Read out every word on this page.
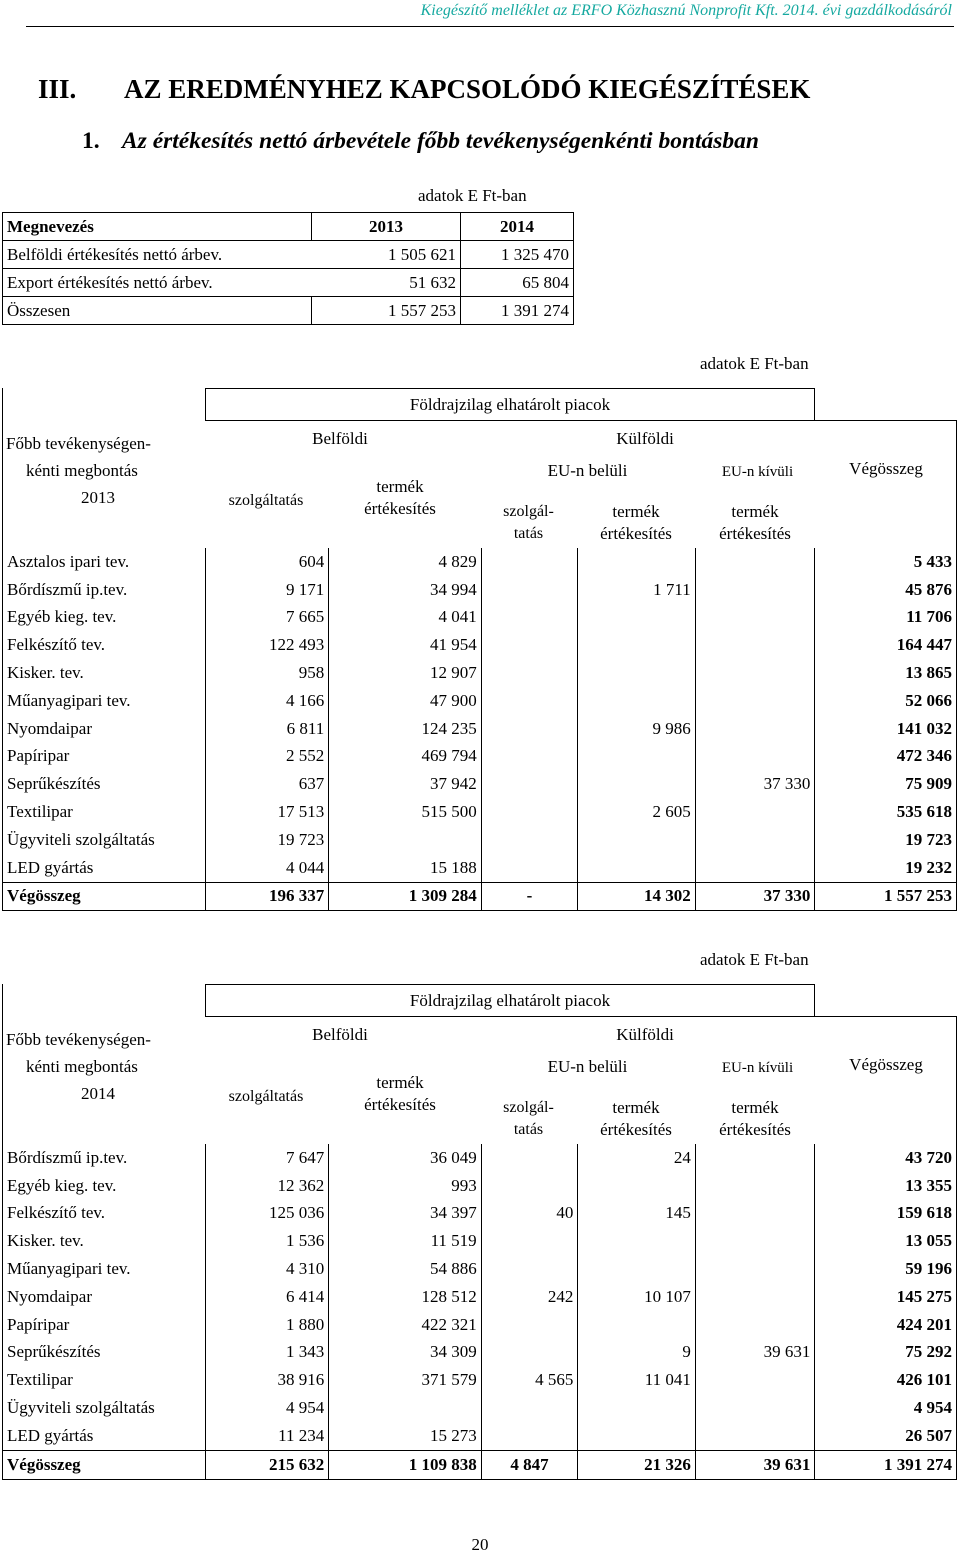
Kiegészítő melléklet az ERFO Közhasznú Nonprofit Kft. 2014. évi gazdálkodásáról
III. AZ EREDMÉNYHEZ KAPCSOLÓDÓ KIEGÉSZÍTÉSEK
1. Az értékesítés nettó árbevétele főbb tevékenységenkénti bontásban
adatok E Ft-ban
Megnevezés	2013	2014
Belföldi értékesítés nettó árbev.	1 505 621	1 325 470
Export értékesítés nettó árbev.	51 632	65 804
Összesen	1 557 253	1 391 274
adatok E Ft-ban
Földrajzilag elhatárolt piacok
Belföldi	Külföldi
EU-n belüli	EU-n kívüli	Végösszeg
szolgáltatás
termék
értékesítés	szolgál-
tatás
termék
értékesítés
termék
értékesítés
Főbb tevékenységen-
kénti megbontás
2013
Asztalos ipari tev.	604	4 829				5 433
Bőrdíszmű ip.tev.	9 171	34 994		1 711		45 876
Egyéb kieg. tev.	7 665	4 041				11 706
Felkészítő tev.	122 493	41 954				164 447
Kisker. tev.	958	12 907				13 865
Műanyagipari tev.	4 166	47 900				52 066
Nyomdaipar	6 811	124 235		9 986		141 032
Papíripar	2 552	469 794				472 346
Seprűkészítés	637	37 942			37 330	75 909
Textilipar	17 513	515 500		2 605		535 618
Ügyviteli szolgáltatás	19 723					19 723
LED gyártás	4 044	15 188				19 232
Végösszeg	196 337	1 309 284	-	14 302	37 330	1 557 253
adatok E Ft-ban
Földrajzilag elhatárolt piacok
Belföldi	Külföldi
EU-n belüli	EU-n kívüli	Végösszeg
szolgáltatás
termék
értékesítés	szolgál-
tatás
termék
értékesítés
termék
értékesítés
Főbb tevékenységen-
kénti megbontás
2014
Bőrdíszmű ip.tev.	7 647	36 049		24		43 720
Egyéb kieg. tev.	12 362	993				13 355
Felkészítő tev.	125 036	34 397	40	145		159 618
Kisker. tev.	1 536	11 519				13 055
Műanyagipari tev.	4 310	54 886				59 196
Nyomdaipar	6 414	128 512	242	10 107		145 275
Papíripar	1 880	422 321				424 201
Seprűkészítés	1 343	34 309		9	39 631	75 292
Textilipar	38 916	371 579	4 565	11 041		426 101
Ügyviteli szolgáltatás	4 954					4 954
LED gyártás	11 234	15 273				26 507
Végösszeg	215 632	1 109 838	4 847	21 326	39 631	1 391 274
20
